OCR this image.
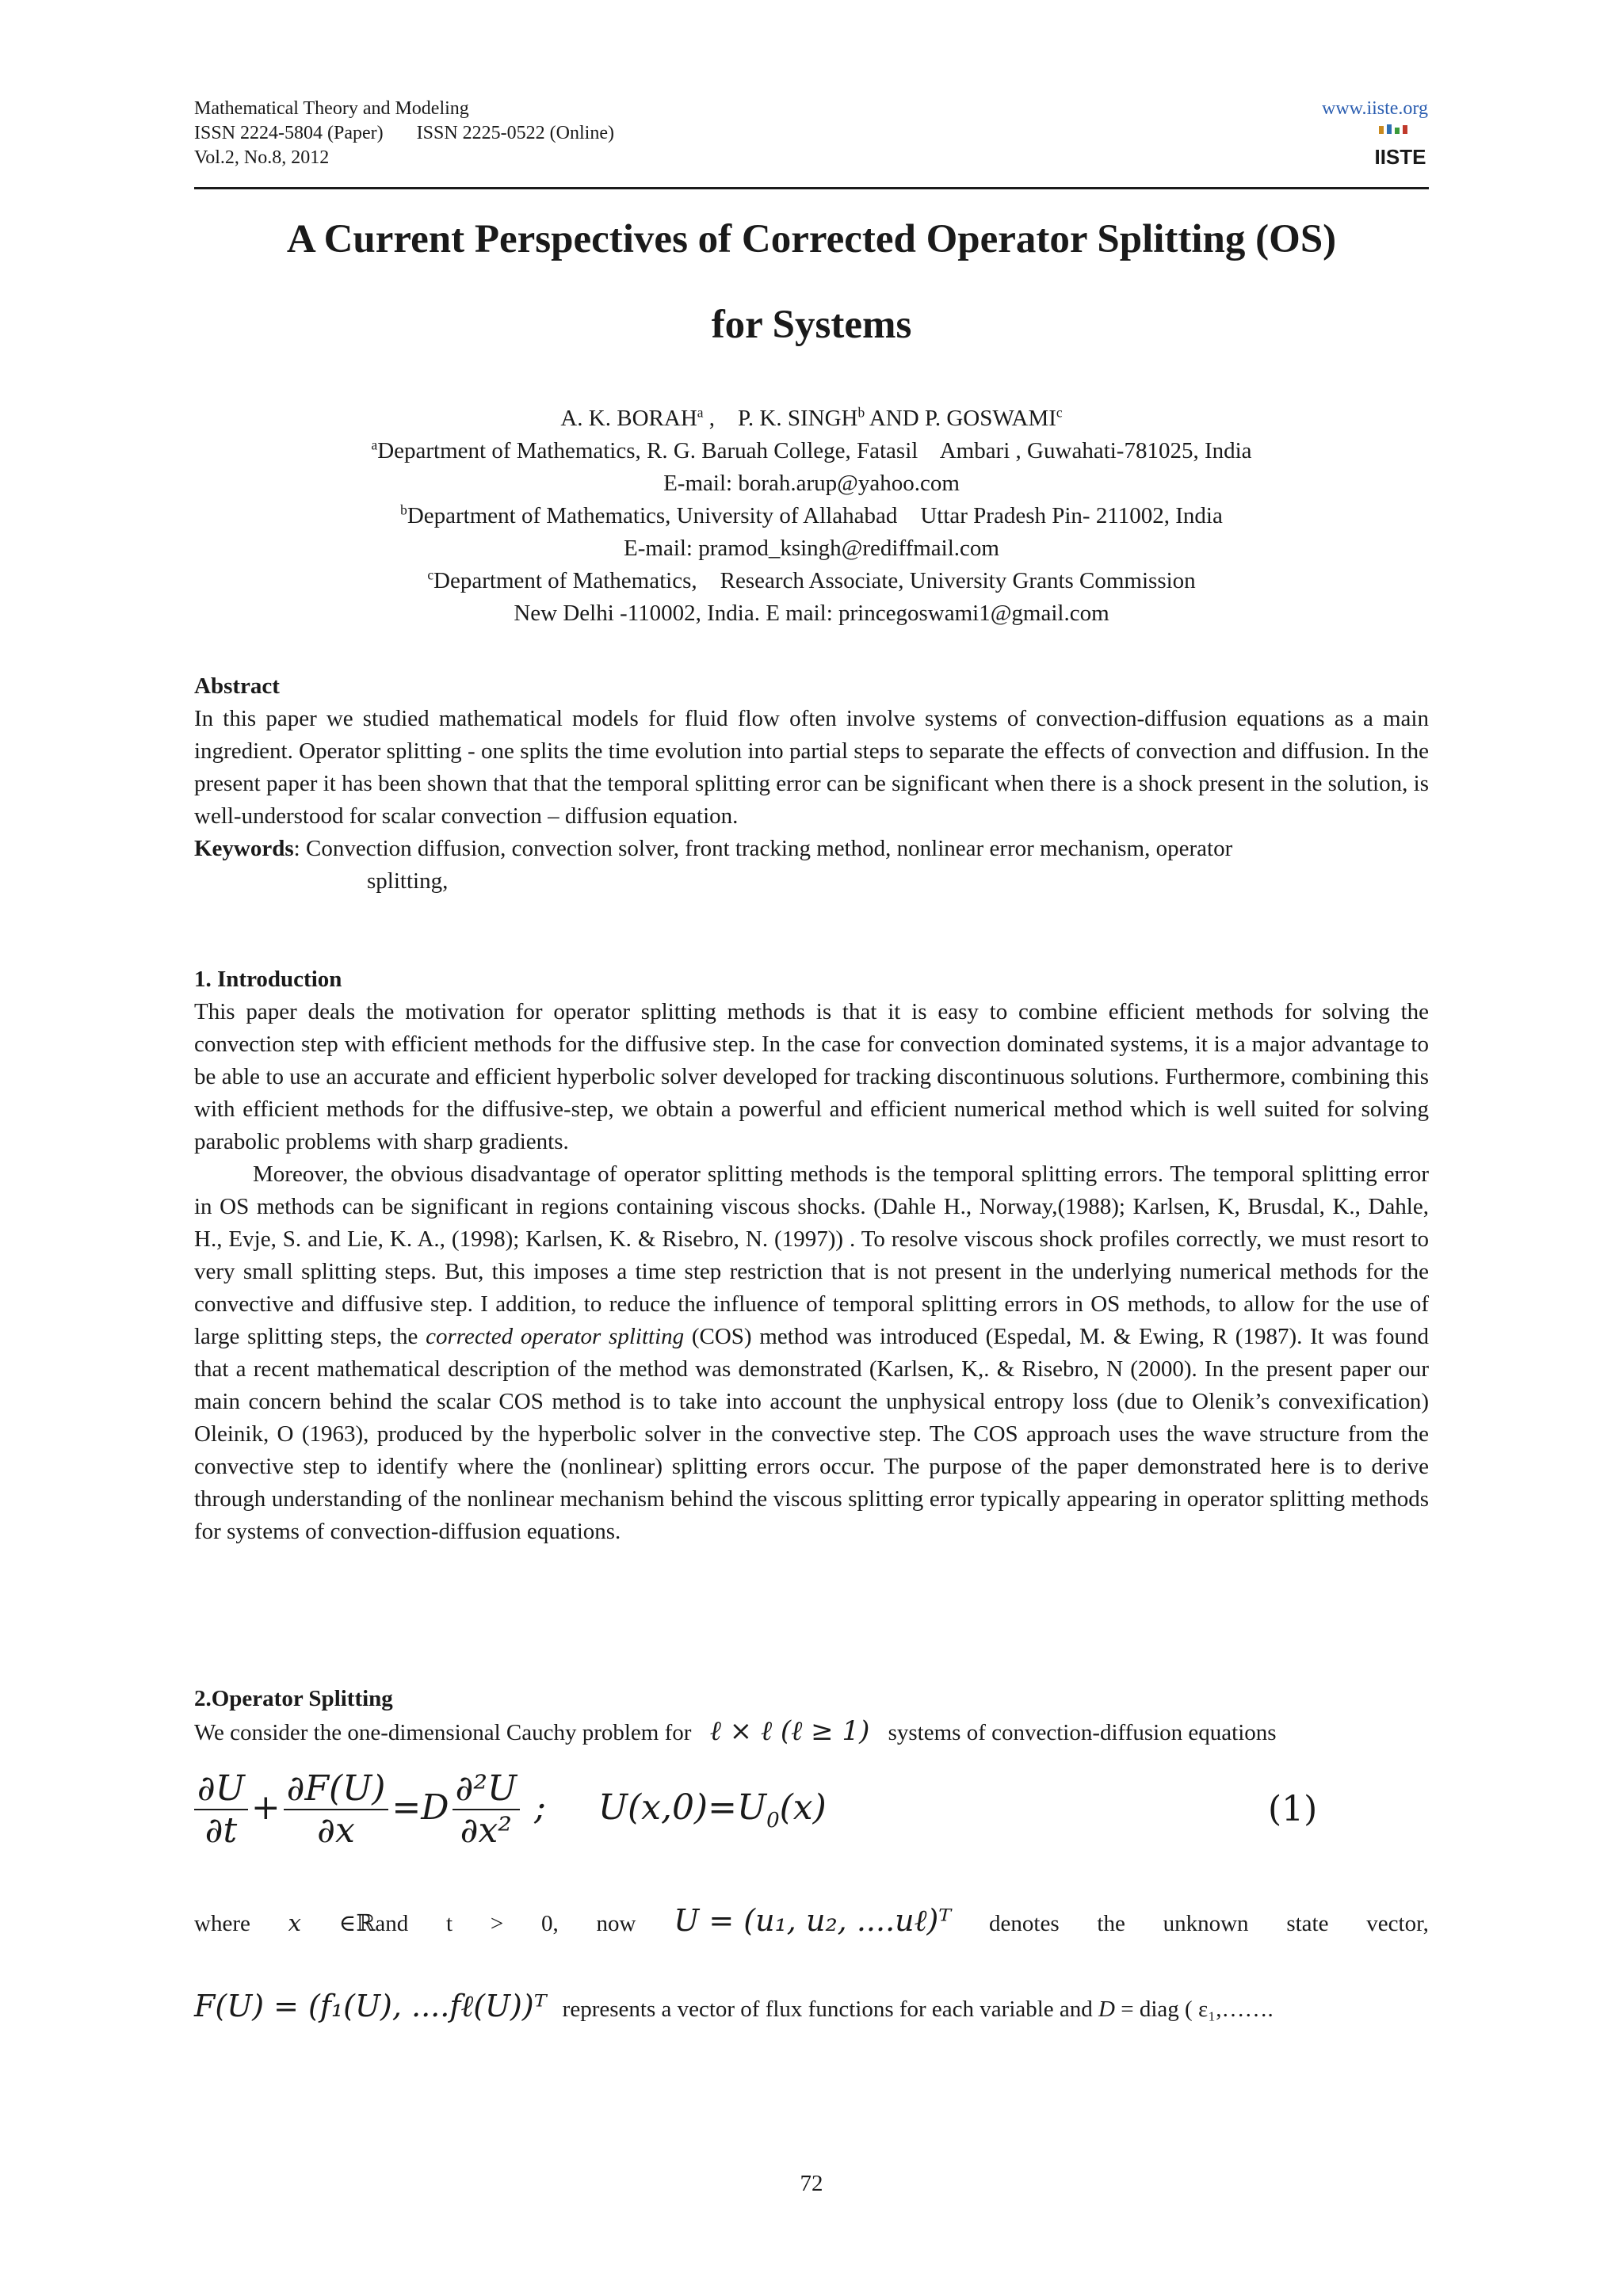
Mathematical Theory and Modeling
ISSN 2224-5804 (Paper)       ISSN 2225-0522 (Online)
Vol.2, No.8, 2012
www.iiste.org
IISTE
A Current Perspectives of Corrected Operator Splitting (OS)
for Systems
A. K. BORAH$^a$ ,    P. K. SINGH$^b$ AND P. GOSWAMI$^c$
$^a$Department of Mathematics, R. G. Baruah College, Fatasil    Ambari , Guwahati-781025, India
E-mail: borah.arup@yahoo.com
$^b$Department of Mathematics, University of Allahabad    Uttar Pradesh Pin- 211002, India
E-mail: pramod_ksingh@rediffmail.com
$^c$Department of Mathematics,    Research Associate, University Grants Commission
New Delhi -110002, India. E mail: princegoswami1@gmail.com
Abstract

In this paper we studied mathematical models for fluid flow often involve systems of convection-diffusion equations as a main ingredient. Operator splitting - one splits the time evolution into partial steps to separate the effects of convection and diffusion. In the present paper it has been shown that that the temporal splitting error can be significant when there is a shock present in the solution, is well-understood for scalar convection – diffusion equation.

Keywords: Convection diffusion, convection solver, front tracking method, nonlinear error mechanism, operator
splitting,
1. Introduction

This paper deals the motivation for operator splitting methods is that it is easy to combine efficient methods for solving the convection step with efficient methods for the diffusive step. In the case for convection dominated systems, it is a major advantage to be able to use an accurate and efficient hyperbolic solver developed for tracking discontinuous solutions. Furthermore, combining this with efficient methods for the diffusive-step, we obtain a powerful and efficient numerical method which is well suited for solving parabolic problems with sharp gradients.

Moreover, the obvious disadvantage of operator splitting methods is the temporal splitting errors. The temporal splitting error in OS methods can be significant in regions containing viscous shocks. (Dahle H., Norway,(1988); Karlsen, K, Brusdal, K., Dahle, H., Evje, S. and Lie, K. A., (1998); Karlsen, K. & Risebro, N. (1997)) . To resolve viscous shock profiles correctly, we must resort to very small splitting steps. But, this imposes a time step restriction that is not present in the underlying numerical methods for the convective and diffusive step. I addition, to reduce the influence of temporal splitting errors in OS methods, to allow for the use of large splitting steps, the corrected operator splitting (COS) method was introduced (Espedal, M. & Ewing, R (1987). It was found that a recent mathematical description of the method was demonstrated (Karlsen, K,. & Risebro, N (2000). In the present paper our main concern behind the scalar COS method is to take into account the unphysical entropy loss (due to Olenik’s convexification) Oleinik, O (1963), produced by the hyperbolic solver in the convective step. The COS approach uses the wave structure from the convective step to identify where the (nonlinear) splitting errors occur. The purpose of the paper demonstrated here is to derive through understanding of the nonlinear mechanism behind the viscous splitting error typically appearing in operator splitting methods for systems of convection-diffusion equations.

2.Operator Splitting
We consider the one-dimensional Cauchy problem for ℓ × ℓ (ℓ ≥ 1) systems of convection-diffusion equations
$\frac{\partial U}{\partial t} + \frac{\partial F(U)}{\partial x} =D \frac{\text{∂²U}}{\text{∂x²}}$ ; $U(x,0)=U_0(x)$	(1)
where x ∈ℝand t > 0, now U = (u₁, u₂, ....uℓ)ᵀ denotes the unknown state vector,
F(U) = (f₁(U), ....fℓ(U))ᵀ represents a vector of flux functions for each variable and D = diag ( ε₁,…….
72
